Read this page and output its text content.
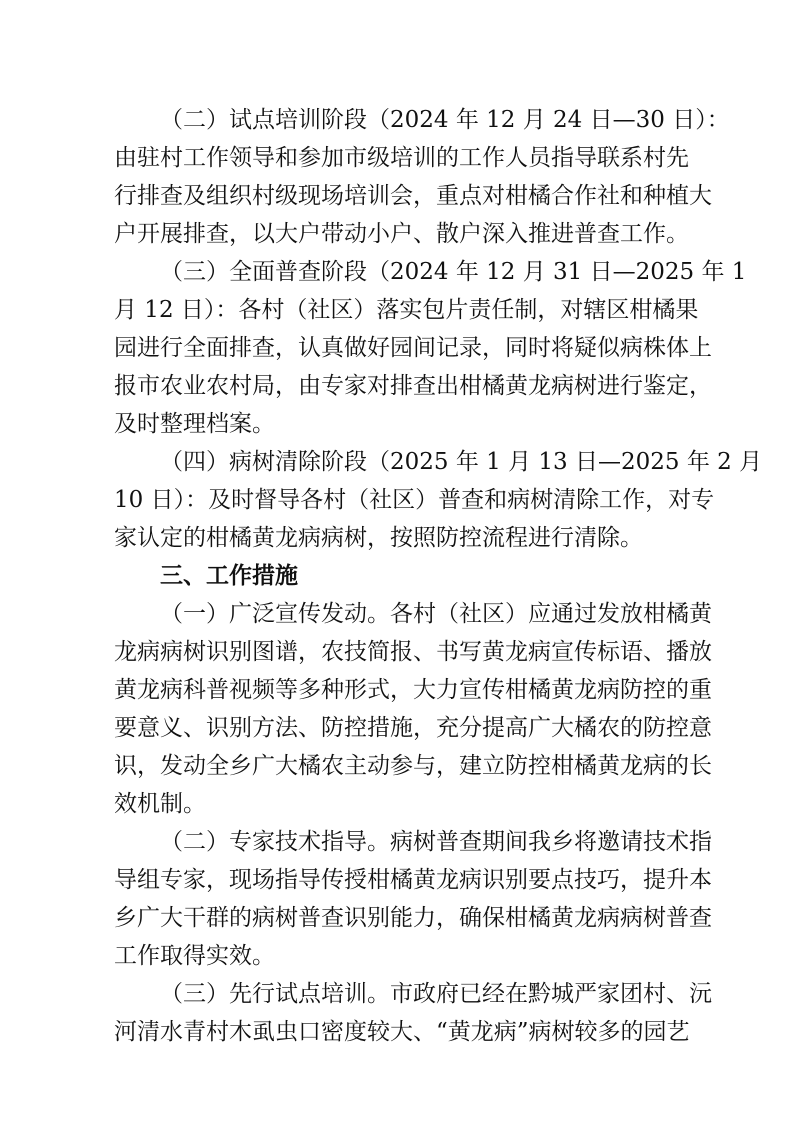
（二）试点培训阶段（2024 年 12 月 24 日—30 日）：
由驻村工作领导和参加市级培训的工作人员指导联系村先
行排查及组织村级现场培训会，重点对柑橘合作社和种植大
户开展排查，以大户带动小户、散户深入推进普查工作。
（三）全面普查阶段（2024 年 12 月 31 日—2025 年 1
月 12 日）：各村（社区）落实包片责任制，对辖区柑橘果
园进行全面排查，认真做好园间记录，同时将疑似病株体上
报市农业农村局，由专家对排查出柑橘黄龙病树进行鉴定，
及时整理档案。
（四）病树清除阶段（2025 年 1 月 13 日—2025 年 2 月
10 日）：及时督导各村（社区）普查和病树清除工作，对专
家认定的柑橘黄龙病病树，按照防控流程进行清除。
三、工作措施
（一）广泛宣传发动。各村（社区）应通过发放柑橘黄
龙病病树识别图谱，农技简报、书写黄龙病宣传标语、播放
黄龙病科普视频等多种形式，大力宣传柑橘黄龙病防控的重
要意义、识别方法、防控措施，充分提高广大橘农的防控意
识，发动全乡广大橘农主动参与，建立防控柑橘黄龙病的长
效机制。
（二）专家技术指导。病树普查期间我乡将邀请技术指
导组专家，现场指导传授柑橘黄龙病识别要点技巧，提升本
乡广大干群的病树普查识别能力，确保柑橘黄龙病病树普查
工作取得实效。
（三）先行试点培训。市政府已经在黔城严家团村、沅
河清水青村木虱虫口密度较大、“黄龙病”病树较多的园艺
